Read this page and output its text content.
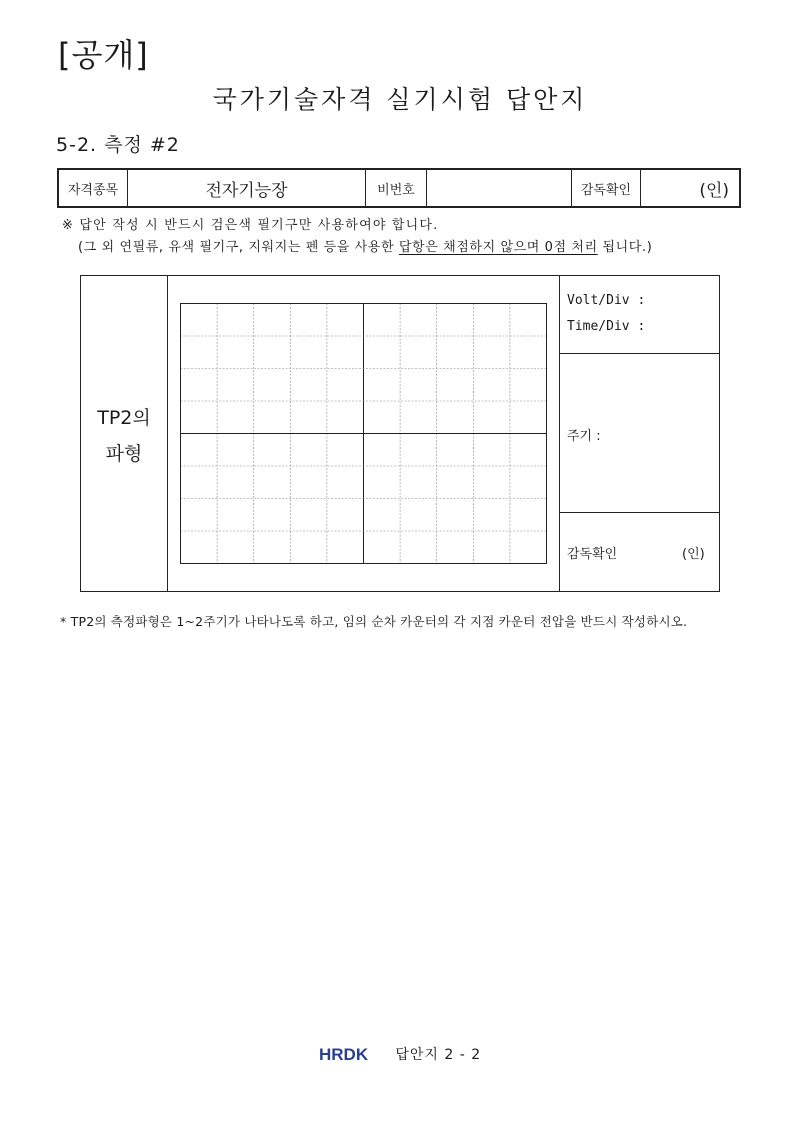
[공개]
국가기술자격 실기시험 답안지
5-2. 측정 #2
자격종목	전자기능장	비번호		감독확인	(인)
※ 답안 작성 시 반드시 검은색 필기구만 사용하여야 합니다.
(그 외 연필류, 유색 필기구, 지워지는 펜 등을 사용한 답항은 채점하지 않으며 0점 처리 됩니다.)
TP2의
파형
Volt/Div :
Time/Div :
주기 :
감독확인	(인)
* TP2의 측정파형은 1~2주기가 나타나도록 하고, 임의 순차 카운터의 각 지점 카운터 전압을 반드시 작성하시오.
HRDK 답안지 2 - 2
